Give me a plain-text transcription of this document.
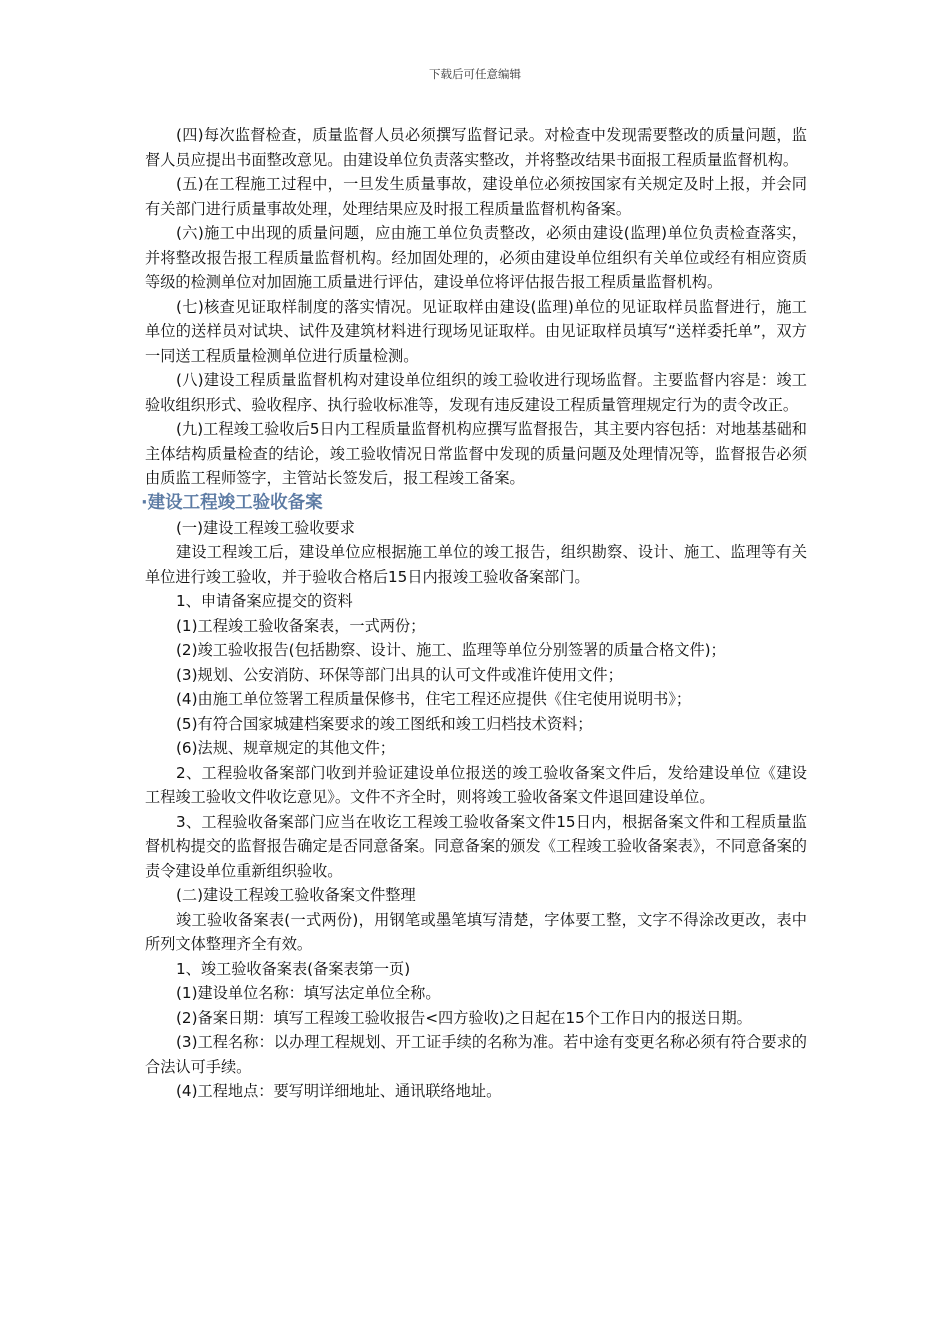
下载后可任意编辑

(四)每次监督检查，质量监督人员必须撰写监督记录。对检查中发现需要整改的质量问题，监督人员应提出书面整改意见。由建设单位负责落实整改，并将整改结果书面报工程质量监督机构。

(五)在工程施工过程中，一旦发生质量事故，建设单位必须按国家有关规定及时上报，并会同有关部门进行质量事故处理，处理结果应及时报工程质量监督机构备案。

(六)施工中出现的质量问题，应由施工单位负责整改，必须由建设(监理)单位负责检查落实，并将整改报告报工程质量监督机构。经加固处理的，必须由建设单位组织有关单位或经有相应资质等级的检测单位对加固施工质量进行评估，建设单位将评估报告报工程质量监督机构。

(七)核查见证取样制度的落实情况。见证取样由建设(监理)单位的见证取样员监督进行，施工单位的送样员对试块、试件及建筑材料进行现场见证取样。由见证取样员填写“送样委托单”，双方一同送工程质量检测单位进行质量检测。

(八)建设工程质量监督机构对建设单位组织的竣工验收进行现场监督。主要监督内容是：竣工验收组织形式、验收程序、执行验收标准等，发现有违反建设工程质量管理规定行为的责令改正。

(九)工程竣工验收后5日内工程质量监督机构应撰写监督报告，其主要内容包括：对地基基础和主体结构质量检查的结论，竣工验收情况日常监督中发现的质量问题及处理情况等，监督报告必须由质监工程师签字，主管站长签发后，报工程竣工备案。

·建设工程竣工验收备案

(一)建设工程竣工验收要求

建设工程竣工后，建设单位应根据施工单位的竣工报告，组织勘察、设计、施工、监理等有关单位进行竣工验收，并于验收合格后15日内报竣工验收备案部门。

1、申请备案应提交的资料

(1)工程竣工验收备案表，一式两份；

(2)竣工验收报告(包括勘察、设计、施工、监理等单位分别签署的质量合格文件)；

(3)规划、公安消防、环保等部门出具的认可文件或准许使用文件；

(4)由施工单位签署工程质量保修书，住宅工程还应提供《住宅使用说明书》；

(5)有符合国家城建档案要求的竣工图纸和竣工归档技术资料；

(6)法规、规章规定的其他文件；

2、工程验收备案部门收到并验证建设单位报送的竣工验收备案文件后，发给建设单位《建设工程竣工验收文件收讫意见》。文件不齐全时，则将竣工验收备案文件退回建设单位。

3、工程验收备案部门应当在收讫工程竣工验收备案文件15日内，根据备案文件和工程质量监督机构提交的监督报告确定是否同意备案。同意备案的颁发《工程竣工验收备案表》，不同意备案的责令建设单位重新组织验收。

(二)建设工程竣工验收备案文件整理

竣工验收备案表(一式两份)，用钢笔或墨笔填写清楚，字体要工整，文字不得涂改更改，表中所列文体整理齐全有效。

1、竣工验收备案表(备案表第一页)

(1)建设单位名称：填写法定单位全称。

(2)备案日期：填写工程竣工验收报告<四方验收)之日起在15个工作日内的报送日期。

(3)工程名称：以办理工程规划、开工证手续的名称为准。若中途有变更名称必须有符合要求的合法认可手续。

(4)工程地点：要写明详细地址、通讯联络地址。
